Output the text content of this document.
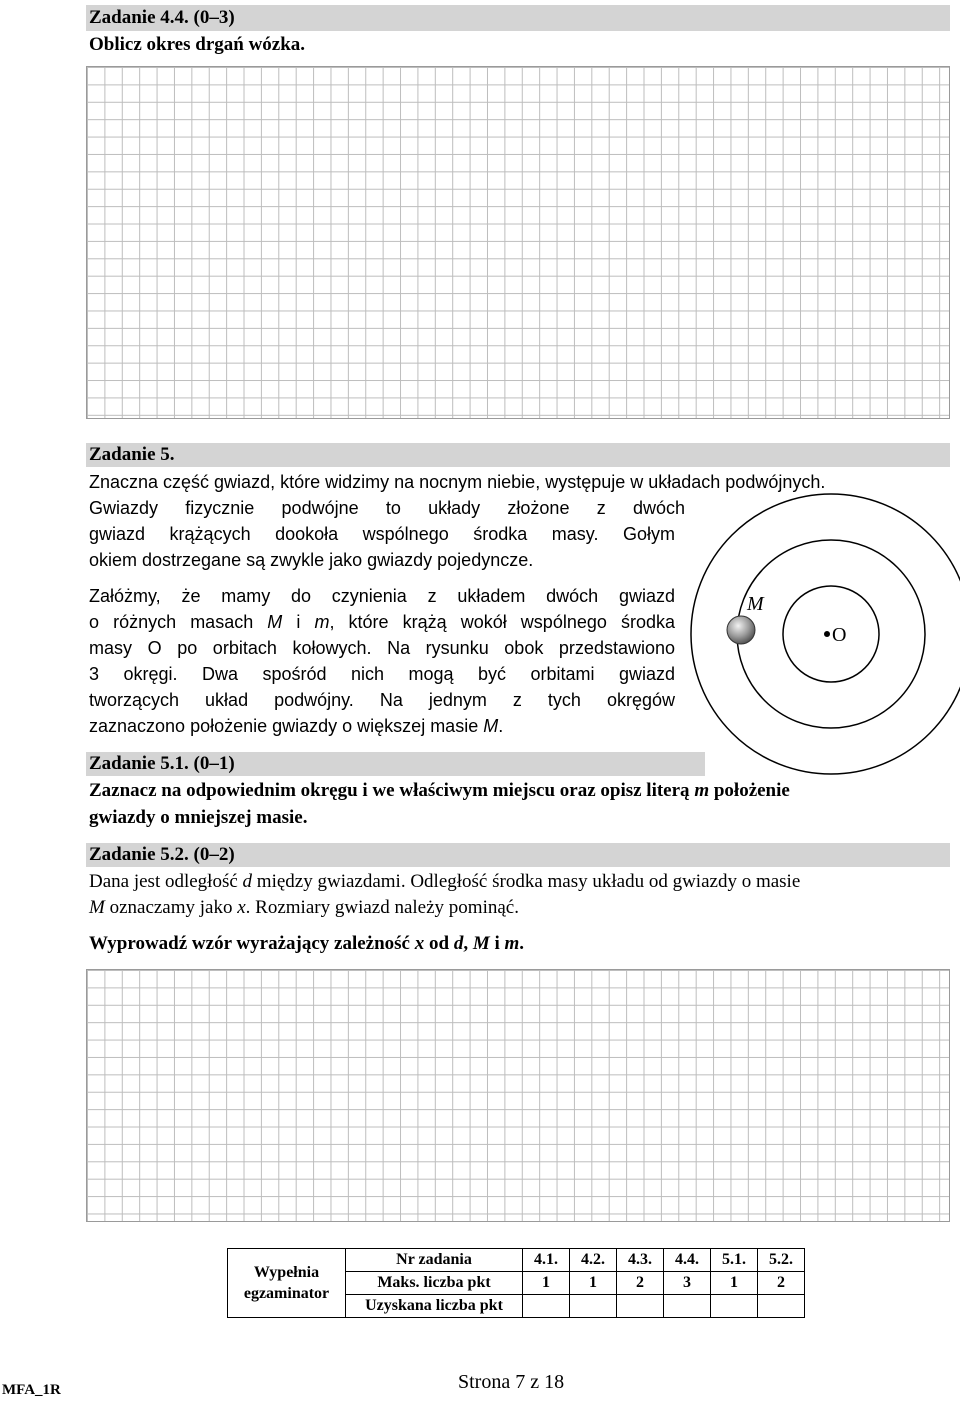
Zadanie 4.4. (0–3)
Oblicz okres drgań wózka.
Zadanie 5.
Znaczna część gwiazd, które widzimy na nocnym niebie, występuje w układach podwójnych.
Gwiazdy fizycznie podwójne to układy złożone z dwóch
gwiazd krążących dookoła wspólnego środka masy. Gołym
okiem dostrzegane są zwykle jako gwiazdy pojedyncze.
Załóżmy, że mamy do czynienia z układem dwóch gwiazd
o różnych masach M i m, które krążą wokół wspólnego środka
masy O po orbitach kołowych. Na rysunku obok przedstawiono
3 okręgi. Dwa spośród nich mogą być orbitami gwiazd
tworzących układ podwójny. Na jednym z tych okręgów
zaznaczono położenie gwiazdy o większej masie M.
M
O
Zadanie 5.1. (0–1)
Zaznacz na odpowiednim okręgu i we właściwym miejscu oraz opisz literą m położenie
gwiazdy o mniejszej masie.
Zadanie 5.2. (0–2)
Dana jest odległość d między gwiazdami. Odległość środka masy układu od gwiazdy o masie
M oznaczamy jako x. Rozmiary gwiazd należy pominąć.
Wyprowadź wzór wyrażający zależność x od d, M i m.
Wypełnia
egzaminator	Nr zadania	4.1.	4.2.	4.3.	4.4.	5.1.	5.2.
	Maks. liczba pkt	1	1	2	3	1	2
	Uzyskana liczba pkt						
MFA_1R	Strona 7 z 18
